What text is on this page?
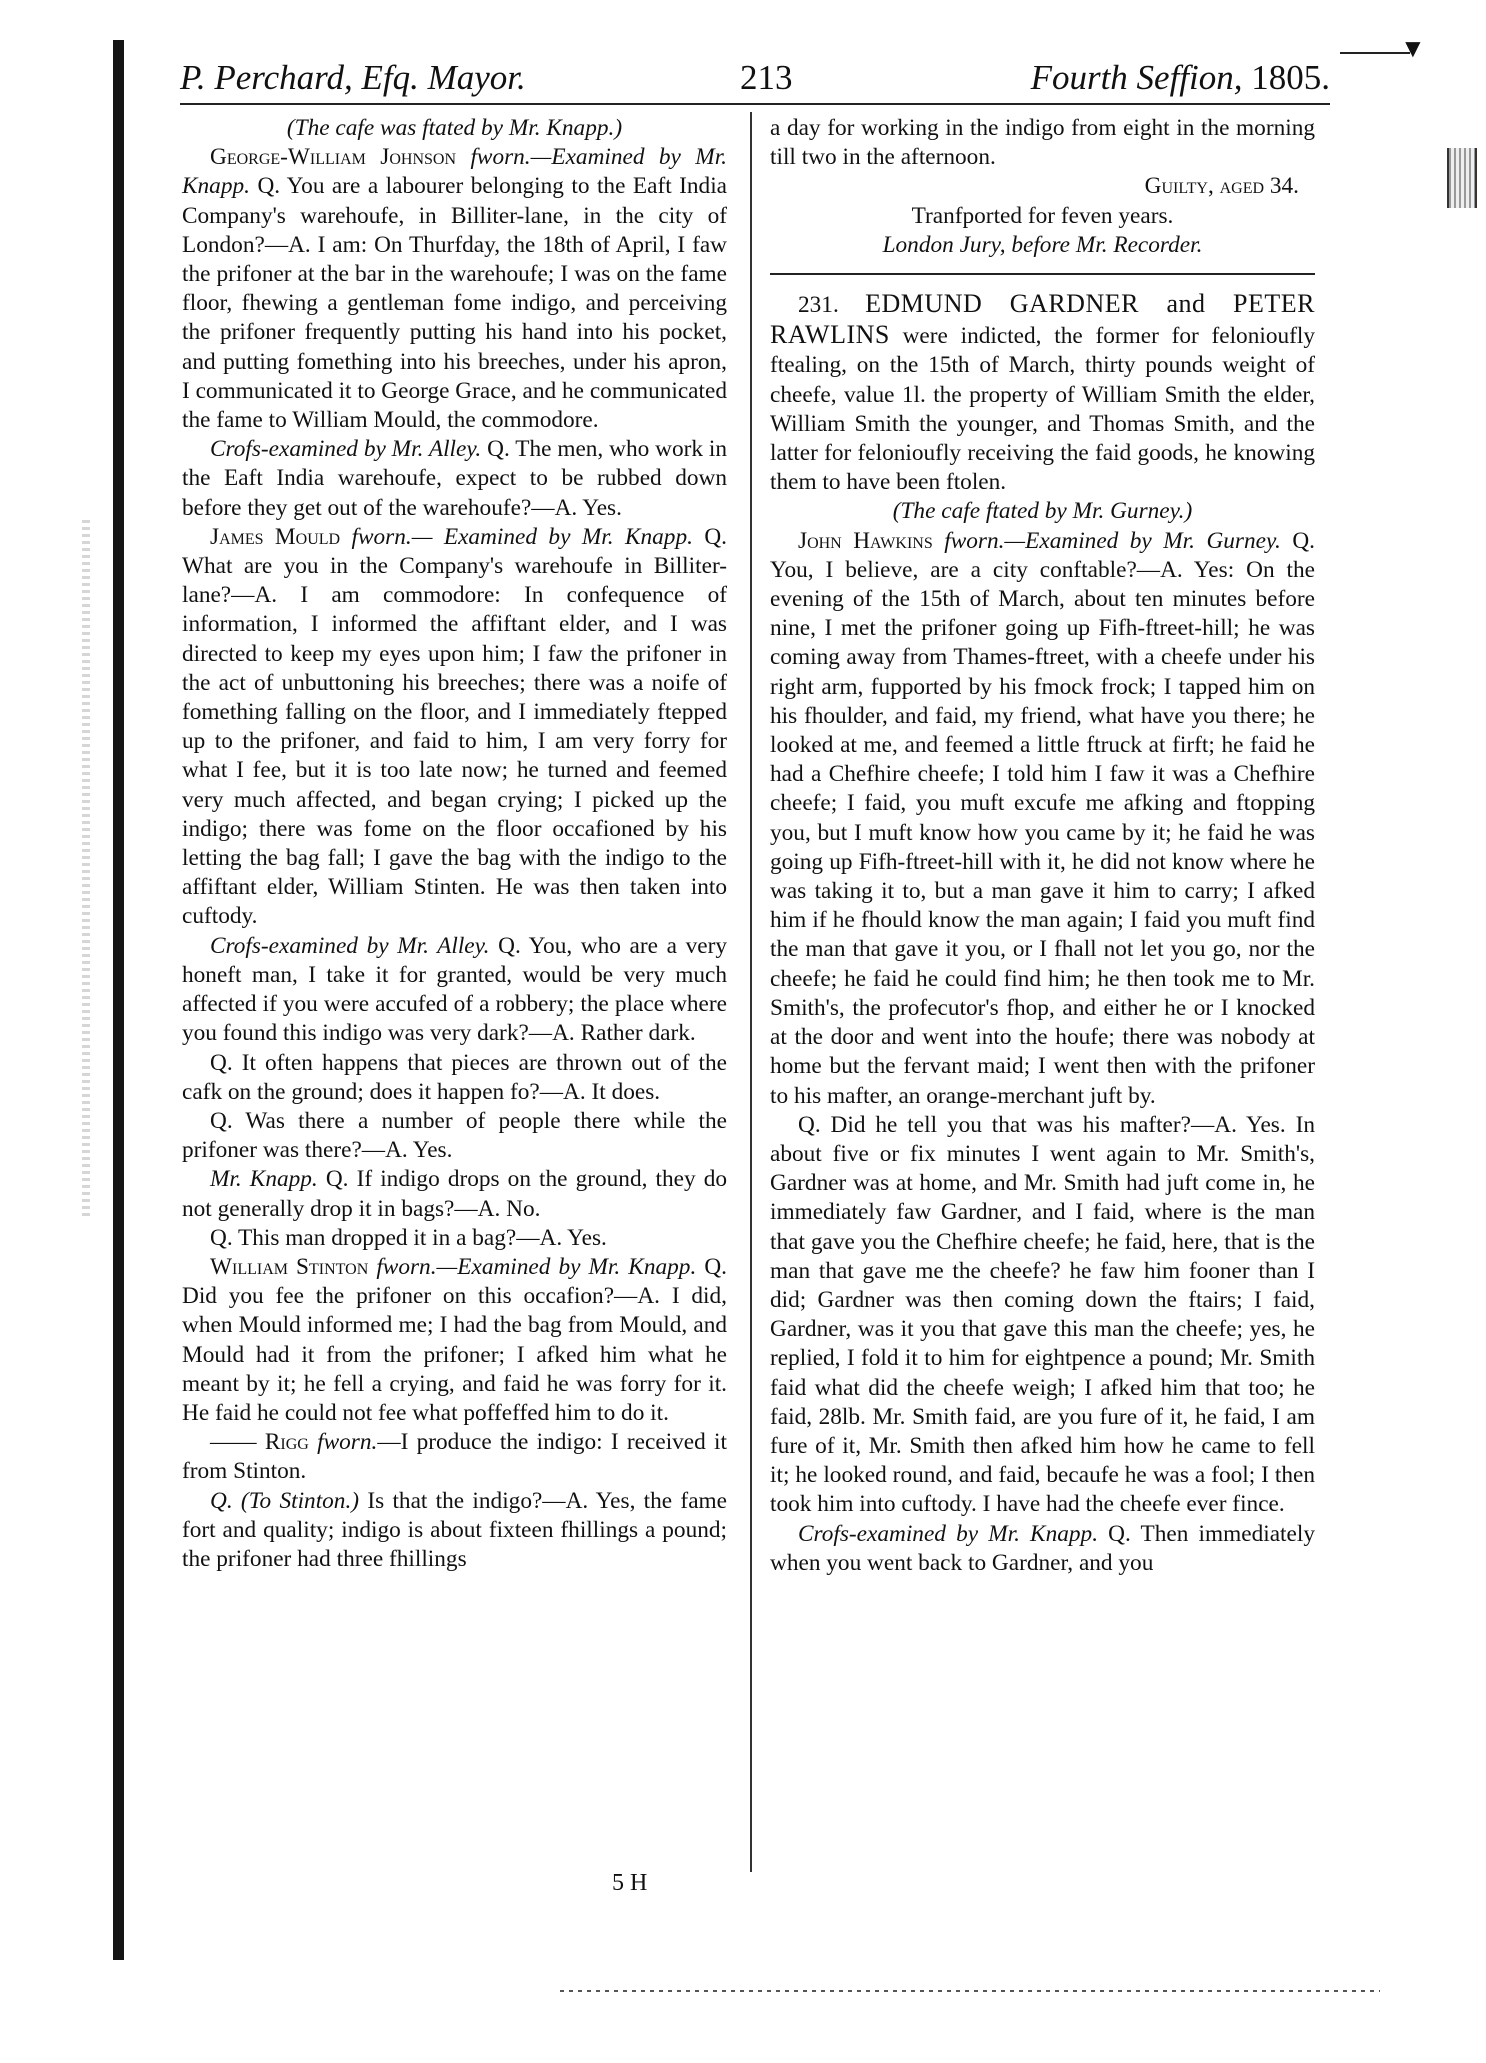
▼
P. Perchard, Efq. Mayor.	213	Fourth Seffion, 1805.

(The cafe was ftated by Mr. Knapp.)

George-William Johnson fworn.—Examined by Mr. Knapp. Q. You are a labourer belonging to the Eaft India Company's warehoufe, in Billiter-lane, in the city of London?—A. I am: On Thurfday, the 18th of April, I faw the prifoner at the bar in the warehoufe; I was on the fame floor, fhewing a gentleman fome indigo, and perceiving the prifoner frequently putting his hand into his pocket, and putting fomething into his breeches, under his apron, I communicated it to George Grace, and he communicated the fame to William Mould, the commodore.

Crofs-examined by Mr. Alley. Q. The men, who work in the Eaft India warehoufe, expect to be rubbed down before they get out of the warehoufe?—A. Yes.

James Mould fworn.— Examined by Mr. Knapp. Q. What are you in the Company's warehoufe in Billiter-lane?—A. I am commodore: In confequence of information, I informed the affiftant elder, and I was directed to keep my eyes upon him; I faw the prifoner in the act of unbuttoning his breeches; there was a noife of fomething falling on the floor, and I immediately ftepped up to the prifoner, and faid to him, I am very forry for what I fee, but it is too late now; he turned and feemed very much affected, and began crying; I picked up the indigo; there was fome on the floor occafioned by his letting the bag fall; I gave the bag with the indigo to the affiftant elder, William Stinten. He was then taken into cuftody.

Crofs-examined by Mr. Alley. Q. You, who are a very honeft man, I take it for granted, would be very much affected if you were accufed of a robbery; the place where you found this indigo was very dark?—A. Rather dark.

Q. It often happens that pieces are thrown out of the cafk on the ground; does it happen fo?—A. It does.

Q. Was there a number of people there while the prifoner was there?—A. Yes.

Mr. Knapp. Q. If indigo drops on the ground, they do not generally drop it in bags?—A. No.

Q. This man dropped it in a bag?—A. Yes.

William Stinton fworn.—Examined by Mr. Knapp. Q. Did you fee the prifoner on this occafion?—A. I did, when Mould informed me; I had the bag from Mould, and Mould had it from the prifoner; I afked him what he meant by it; he fell a crying, and faid he was forry for it. He faid he could not fee what poffeffed him to do it.

—— Rigg fworn.—I produce the indigo: I received it from Stinton.

Q. (To Stinton.) Is that the indigo?—A. Yes, the fame fort and quality; indigo is about fixteen fhillings a pound; the prifoner had three fhillings

a day for working in the indigo from eight in the morning till two in the afternoon.

Guilty, aged 34.

Tranfported for feven years.

London Jury, before Mr. Recorder.

231. EDMUND GARDNER and PETER RAWLINS were indicted, the former for felonioufly ftealing, on the 15th of March, thirty pounds weight of cheefe, value 1l. the property of William Smith the elder, William Smith the younger, and Thomas Smith, and the latter for felonioufly receiving the faid goods, he knowing them to have been ftolen.

(The cafe ftated by Mr. Gurney.)

John Hawkins fworn.—Examined by Mr. Gurney. Q. You, I believe, are a city conftable?—A. Yes: On the evening of the 15th of March, about ten minutes before nine, I met the prifoner going up Fifh-ftreet-hill; he was coming away from Thames-ftreet, with a cheefe under his right arm, fupported by his fmock frock; I tapped him on his fhoulder, and faid, my friend, what have you there; he looked at me, and feemed a little ftruck at firft; he faid he had a Chefhire cheefe; I told him I faw it was a Chefhire cheefe; I faid, you muft excufe me afking and ftopping you, but I muft know how you came by it; he faid he was going up Fifh-ftreet-hill with it, he did not know where he was taking it to, but a man gave it him to carry; I afked him if he fhould know the man again; I faid you muft find the man that gave it you, or I fhall not let you go, nor the cheefe; he faid he could find him; he then took me to Mr. Smith's, the profecutor's fhop, and either he or I knocked at the door and went into the houfe; there was nobody at home but the fervant maid; I went then with the prifoner to his mafter, an orange-merchant juft by.

Q. Did he tell you that was his mafter?—A. Yes. In about five or fix minutes I went again to Mr. Smith's, Gardner was at home, and Mr. Smith had juft come in, he immediately faw Gardner, and I faid, where is the man that gave you the Chefhire cheefe; he faid, here, that is the man that gave me the cheefe? he faw him fooner than I did; Gardner was then coming down the ftairs; I faid, Gardner, was it you that gave this man the cheefe; yes, he replied, I fold it to him for eightpence a pound; Mr. Smith faid what did the cheefe weigh; I afked him that too; he faid, 28lb. Mr. Smith faid, are you fure of it, he faid, I am fure of it, Mr. Smith then afked him how he came to fell it; he looked round, and faid, becaufe he was a fool; I then took him into cuftody. I have had the cheefe ever fince.

Crofs-examined by Mr. Knapp. Q. Then immediately when you went back to Gardner, and you

5 H
